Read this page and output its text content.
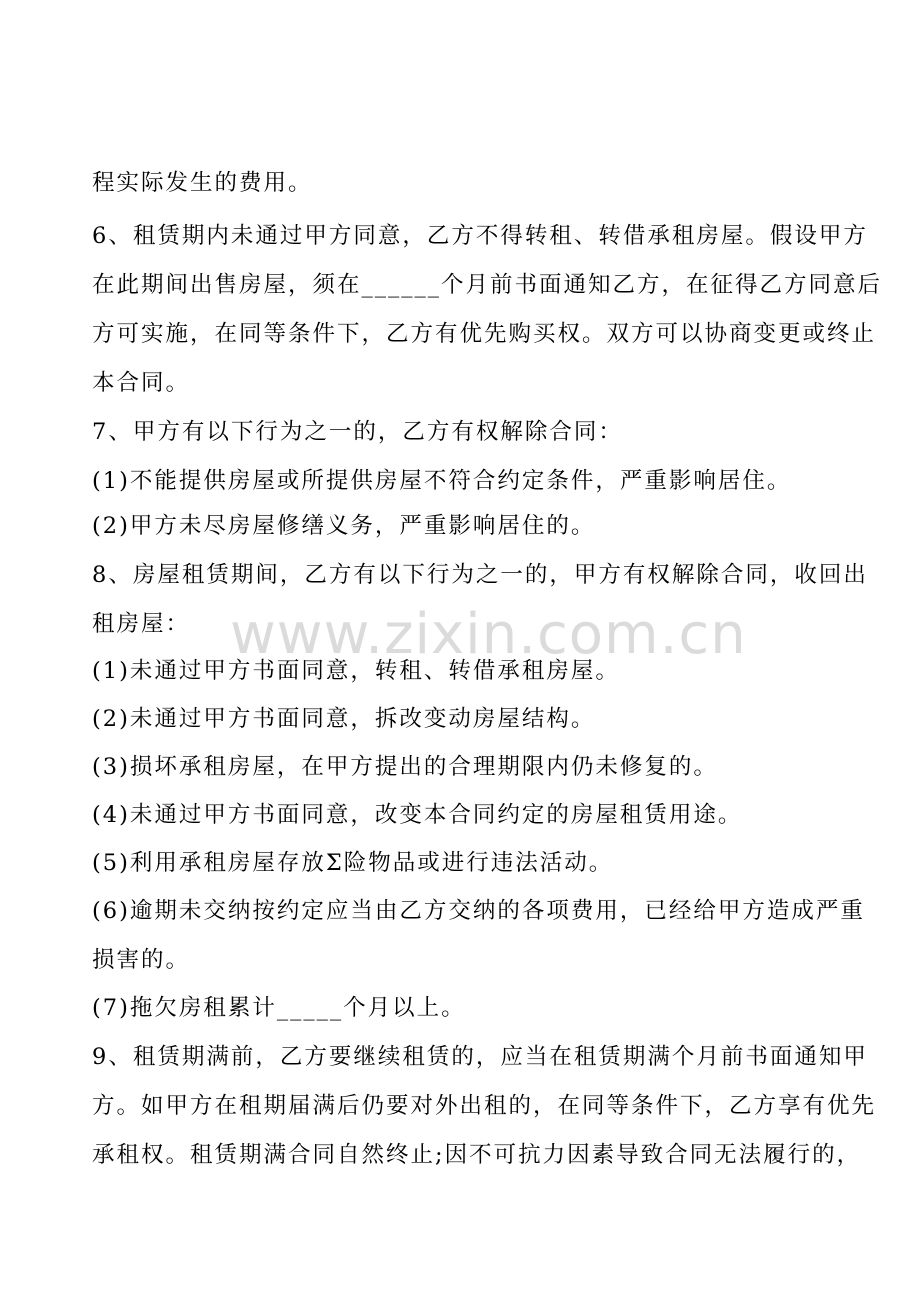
程实际发生的费用。
6、租赁期内未通过甲方同意，乙方不得转租、转借承租房屋。假设甲方
在此期间出售房屋，须在______个月前书面通知乙方，在征得乙方同意后
方可实施，在同等条件下，乙方有优先购买权。双方可以协商变更或终止
本合同。
7、甲方有以下行为之一的，乙方有权解除合同：
(1)不能提供房屋或所提供房屋不符合约定条件，严重影响居住。
(2)甲方未尽房屋修缮义务，严重影响居住的。
8、房屋租赁期间，乙方有以下行为之一的，甲方有权解除合同，收回出
租房屋：
(1)未通过甲方书面同意，转租、转借承租房屋。
(2)未通过甲方书面同意，拆改变动房屋结构。
(3)损坏承租房屋，在甲方提出的合理期限内仍未修复的。
(4)未通过甲方书面同意，改变本合同约定的房屋租赁用途。
(5)利用承租房屋存放Σ险物品或进行违法活动。
(6)逾期未交纳按约定应当由乙方交纳的各项费用，已经给甲方造成严重
损害的。
(7)拖欠房租累计_____个月以上。
9、租赁期满前，乙方要继续租赁的，应当在租赁期满个月前书面通知甲
方。如甲方在租期届满后仍要对外出租的，在同等条件下，乙方享有优先
承租权。租赁期满合同自然终止;因不可抗力因素导致合同无法履行的，
www.zixin.com.cn
